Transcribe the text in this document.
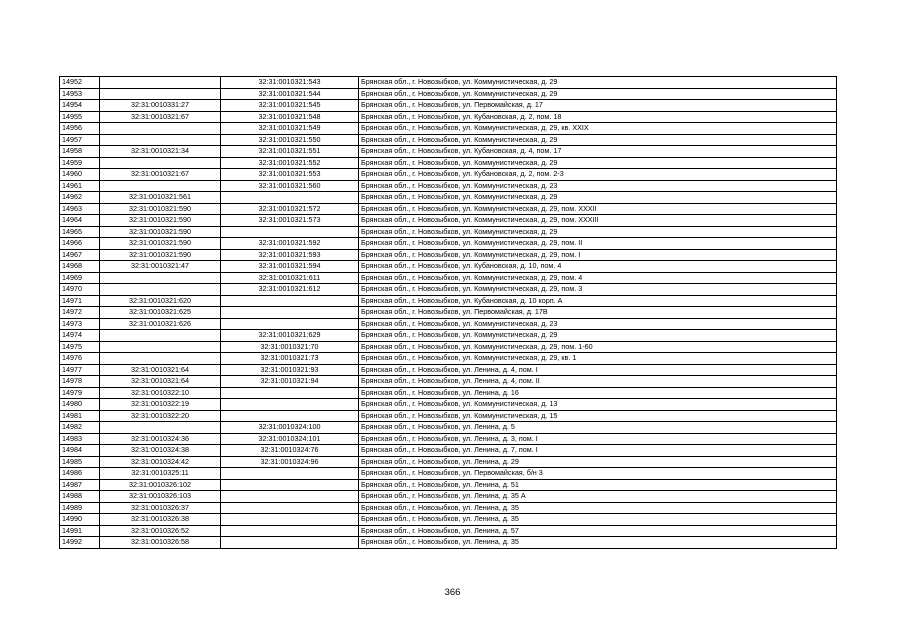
14952		32:31:0010321:543	Брянская обл., г. Новозыбков, ул. Коммунистическая, д. 29
14953		32:31:0010321:544	Брянская обл., г. Новозыбков, ул. Коммунистическая, д. 29
14954	32:31:0010331:27	32:31:0010321:545	Брянская обл., г. Новозыбков, ул. Первомайская, д. 17
14955	32:31:0010321:67	32:31:0010321:548	Брянская обл., г. Новозыбков, ул. Кубановская, д. 2, пом. 18
14956		32:31:0010321:549	Брянская обл., г. Новозыбков, ул. Коммунистическая, д. 29, кв. XXIX
14957		32:31:0010321:550	Брянская обл., г. Новозыбков, ул. Коммунистическая, д. 29
14958	32:31:0010321:34	32:31:0010321:551	Брянская обл., г. Новозыбков, ул. Кубановская, д. 4, пом. 17
14959		32:31:0010321:552	Брянская обл., г. Новозыбков, ул. Коммунистическая, д. 29
14960	32:31:0010321:67	32:31:0010321:553	Брянская обл., г. Новозыбков, ул. Кубановская, д. 2, пом. 2-3
14961		32:31:0010321:560	Брянская обл., г. Новозыбков, ул. Коммунистическая, д. 23
14962	32:31:0010321:561		Брянская обл., г. Новозыбков, ул. Коммунистическая, д. 29
14963	32:31:0010321:590	32:31:0010321:572	Брянская обл., г. Новозыбков, ул. Коммунистическая, д. 29, пом. XXXII
14964	32:31:0010321:590	32:31:0010321:573	Брянская обл., г. Новозыбков, ул. Коммунистическая, д. 29, пом. XXXIII
14965	32:31:0010321:590		Брянская обл., г. Новозыбков, ул. Коммунистическая, д. 29
14966	32:31:0010321:590	32:31:0010321:592	Брянская обл., г. Новозыбков, ул. Коммунистическая, д. 29, пом. II
14967	32:31:0010321:590	32:31:0010321:593	Брянская обл., г. Новозыбков, ул. Коммунистическая, д. 29, пом. I
14968	32:31:0010321:47	32:31:0010321:594	Брянская обл., г. Новозыбков, ул. Кубановская, д. 10, пом. 4
14969		32:31:0010321:611	Брянская обл., г. Новозыбков, ул. Коммунистическая, д. 29, пом. 4
14970		32:31:0010321:612	Брянская обл., г. Новозыбков, ул. Коммунистическая, д. 29, пом. 3
14971	32:31:0010321:620		Брянская обл., г. Новозыбков, ул. Кубановская, д. 10 корп. А
14972	32:31:0010321:625		Брянская обл., г. Новозыбков, ул. Первомайская, д. 17В
14973	32:31:0010321:626		Брянская обл., г. Новозыбков, ул. Коммунистическая, д. 23
14974		32:31:0010321:629	Брянская обл., г. Новозыбков, ул. Коммунистическая, д. 29
14975		32:31:0010321:70	Брянская обл., г. Новозыбков, ул. Коммунистическая, д. 29, пом. 1-60
14976		32:31:0010321:73	Брянская обл., г. Новозыбков, ул. Коммунистическая, д. 29, кв. 1
14977	32:31:0010321:64	32:31:0010321:93	Брянская обл., г. Новозыбков, ул. Ленина, д. 4, пом. I
14978	32:31:0010321:64	32:31:0010321:94	Брянская обл., г. Новозыбков, ул. Ленина, д. 4, пом. II
14979	32:31:0010322:10		Брянская обл., г. Новозыбков, ул. Ленина, д. 16
14980	32:31:0010322:19		Брянская обл., г. Новозыбков, ул. Коммунистическая, д. 13
14981	32:31:0010322:20		Брянская обл., г. Новозыбков, ул. Коммунистическая, д. 15
14982		32:31:0010324:100	Брянская обл., г. Новозыбков, ул. Ленина, д. 5
14983	32:31:0010324:36	32:31:0010324:101	Брянская обл., г. Новозыбков, ул. Ленина, д. 3, пом. I
14984	32:31:0010324:38	32:31:0010324:76	Брянская обл., г. Новозыбков, ул. Ленина, д. 7, пом. I
14985	32:31:0010324:42	32:31:0010324:96	Брянская обл., г. Новозыбков, ул. Ленина, д. 29
14986	32:31:0010325:11		Брянская обл., г. Новозыбков, ул. Первомайская, б/н 3
14987	32:31:0010326:102		Брянская обл., г. Новозыбков, ул. Ленина, д. 51
14988	32:31:0010326:103		Брянская обл., г. Новозыбков, ул. Ленина, д. 35 А
14989	32:31:0010326:37		Брянская обл., г. Новозыбков, ул. Ленина, д. 35
14990	32:31:0010326:38		Брянская обл., г. Новозыбков, ул. Ленина, д. 35
14991	32:31:0010326:52		Брянская обл., г. Новозыбков, ул. Ленина, д. 57
14992	32:31:0010326:58		Брянская обл., г. Новозыбков, ул. Ленина, д. 35
366
